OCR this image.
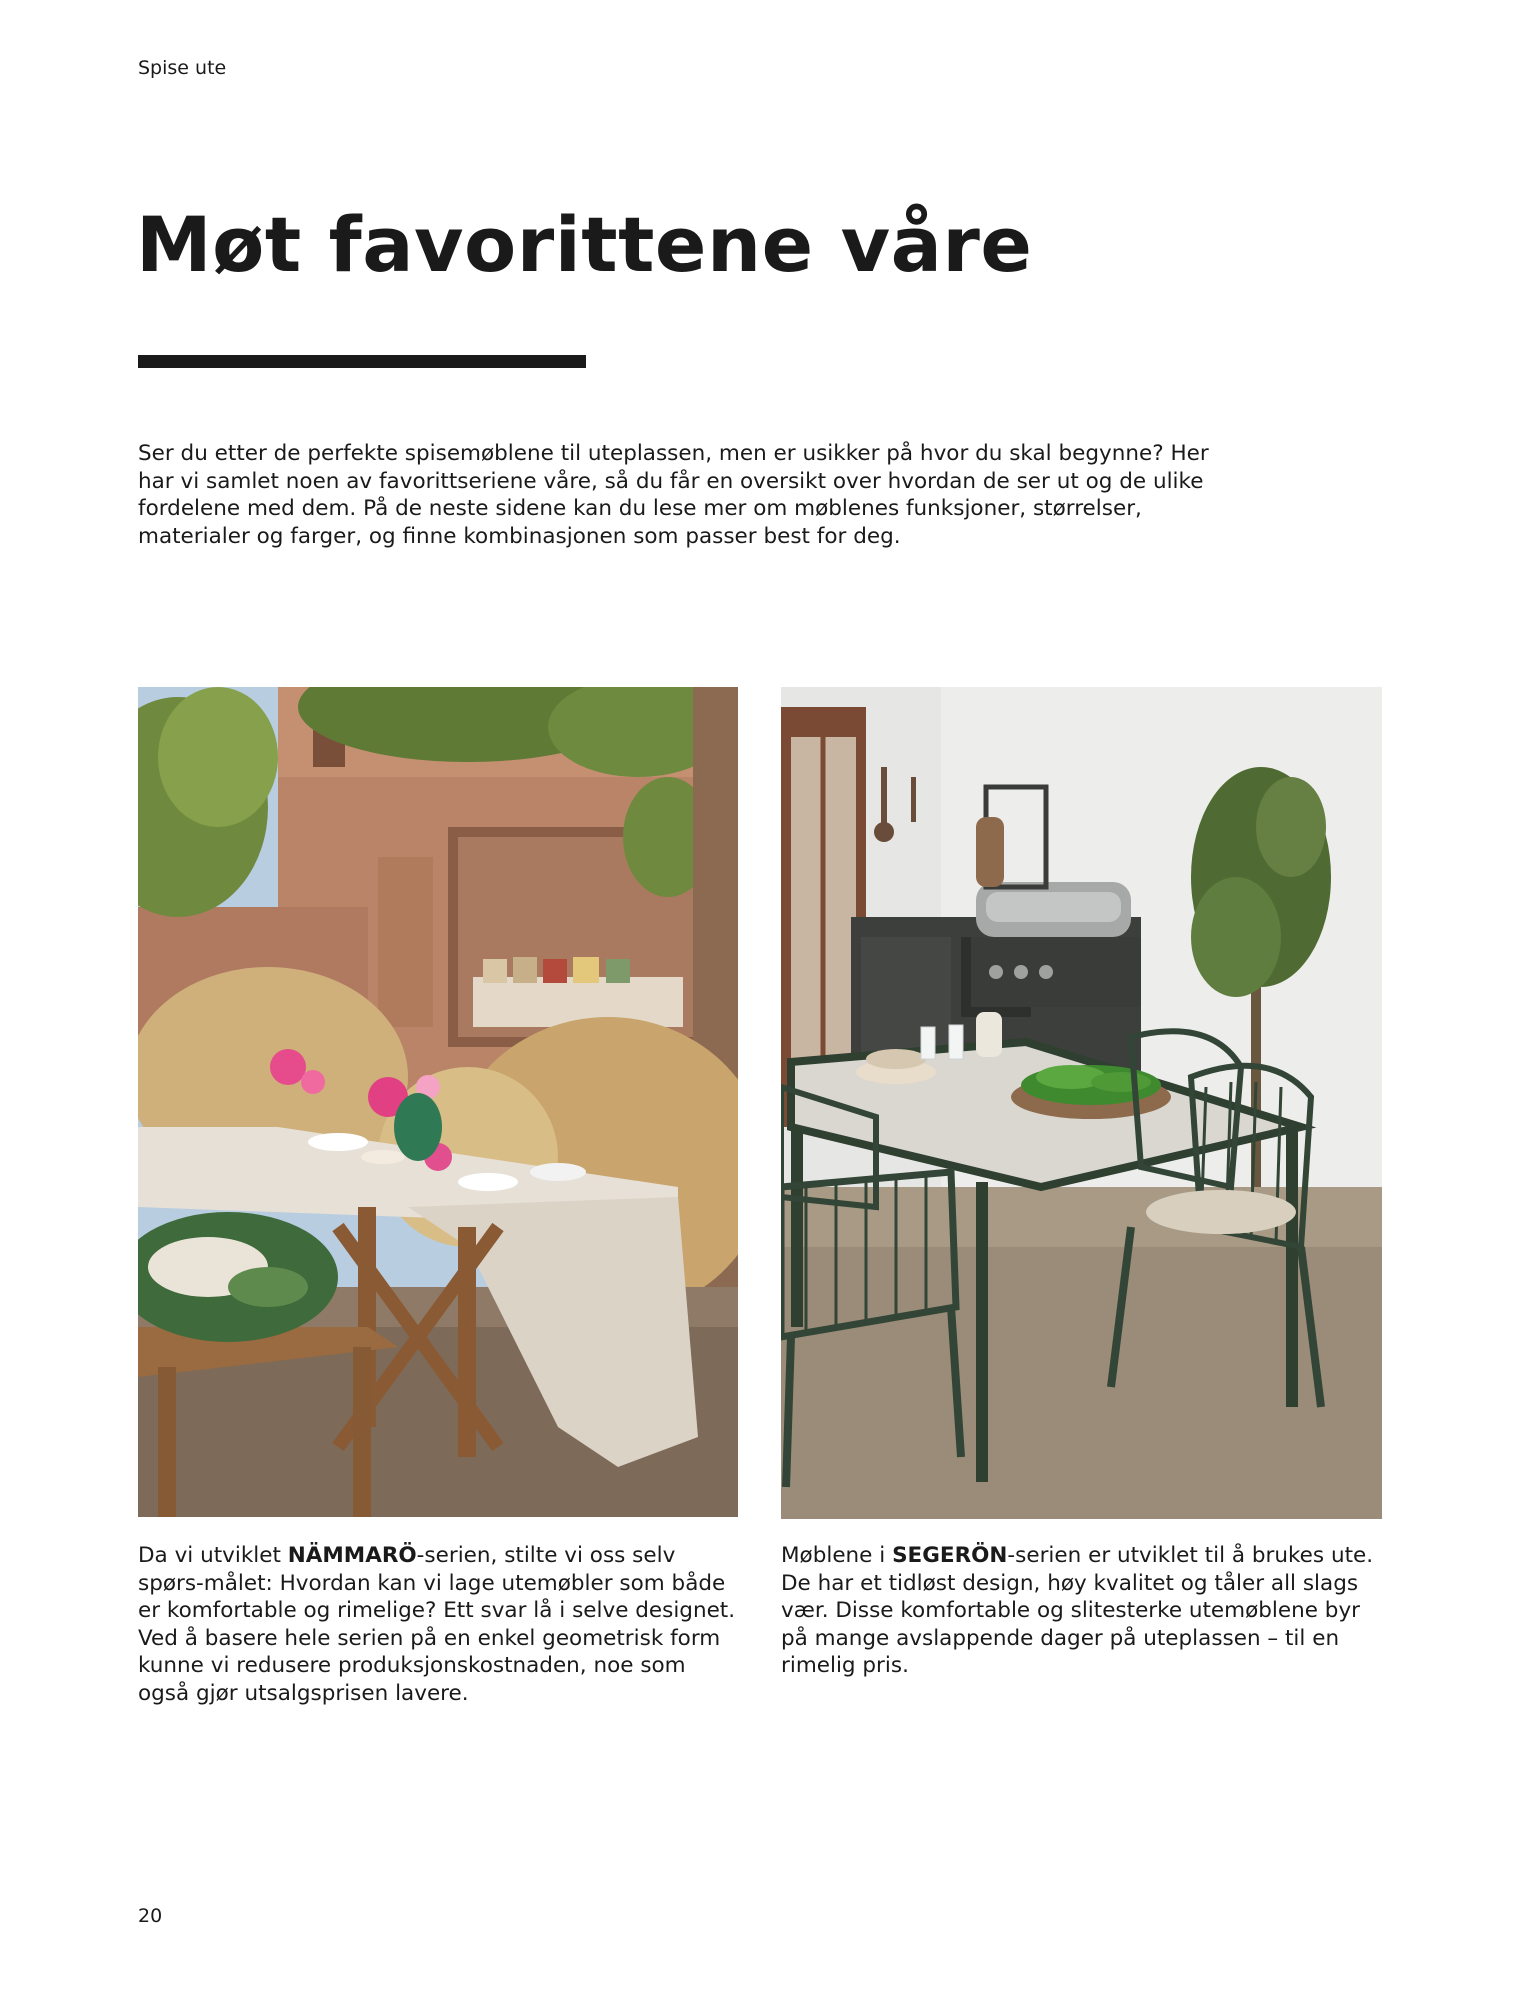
Spise ute
Møt favorittene våre

Ser du etter de perfekte spisemøblene til uteplassen, men er usikker på hvor du skal begynne? Her har vi samlet noen av favorittseriene våre, så du får en oversikt over hvordan de ser ut og de ulike fordelene med dem. På de neste sidene kan du lese mer om møblenes funksjoner, størrelser, materialer og farger, og finne kombinasjonen som passer best for deg.

Da vi utviklet NÄMMARÖ-serien, stilte vi oss selv spørs-målet: Hvordan kan vi lage utemøbler som både er komfortable og rimelige? Ett svar lå i selve designet. Ved å basere hele serien på en enkel geometrisk form kunne vi redusere produksjonskostnaden, noe som også gjør utsalgsprisen lavere.

Møblene i SEGERÖN-serien er utviklet til å brukes ute. De har et tidløst design, høy kvalitet og tåler all slags vær. Disse komfortable og slitesterke utemøblene byr på mange avslappende dager på uteplassen – til en rimelig pris.

20
